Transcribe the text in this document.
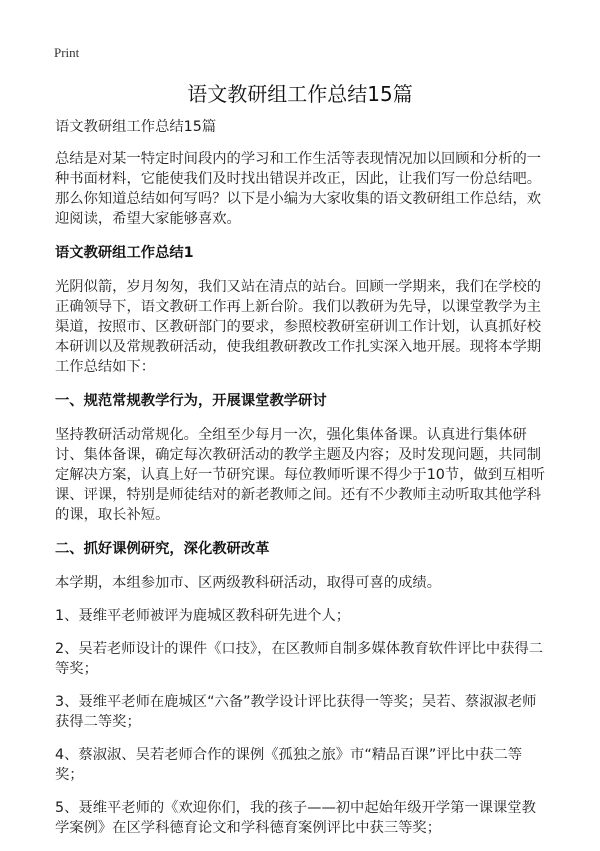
Print
语文教研组工作总结15篇

语文教研组工作总结15篇

总结是对某一特定时间段内的学习和工作生活等表现情况加以回顾和分析的一种书面材料，它能使我们及时找出错误并改正，因此，让我们写一份总结吧。那么你知道总结如何写吗？以下是小编为大家收集的语文教研组工作总结，欢迎阅读，希望大家能够喜欢。

语文教研组工作总结1

光阴似箭，岁月匆匆，我们又站在清点的站台。回顾一学期来，我们在学校的正确领导下，语文教研工作再上新台阶。我们以教研为先导，以课堂教学为主渠道，按照市、区教研部门的要求，参照校教研室研训工作计划，认真抓好校本研训以及常规教研活动，使我组教研教改工作扎实深入地开展。现将本学期工作总结如下：

一、规范常规教学行为，开展课堂教学研讨

坚持教研活动常规化。全组至少每月一次，强化集体备课。认真进行集体研讨、集体备课，确定每次教研活动的教学主题及内容；及时发现问题，共同制定解决方案，认真上好一节研究课。每位教师听课不得少于10节，做到互相听课、评课，特别是师徒结对的新老教师之间。还有不少教师主动听取其他学科的课，取长补短。

二、抓好课例研究，深化教研改革

本学期，本组参加市、区两级教科研活动，取得可喜的成绩。

1、聂维平老师被评为鹿城区教科研先进个人；

2、吴若老师设计的课件《口技》，在区教师自制多媒体教育软件评比中获得二等奖；

3、聂维平老师在鹿城区“六备”教学设计评比获得一等奖；吴若、蔡淑淑老师获得二等奖；

4、蔡淑淑、吴若老师合作的课例《孤独之旅》市“精品百课”评比中获二等奖；

5、聂维平老师的《欢迎你们，我的孩子——初中起始年级开学第一课课堂教学案例》在区学科德育论文和学科德育案例评比中获三等奖；
